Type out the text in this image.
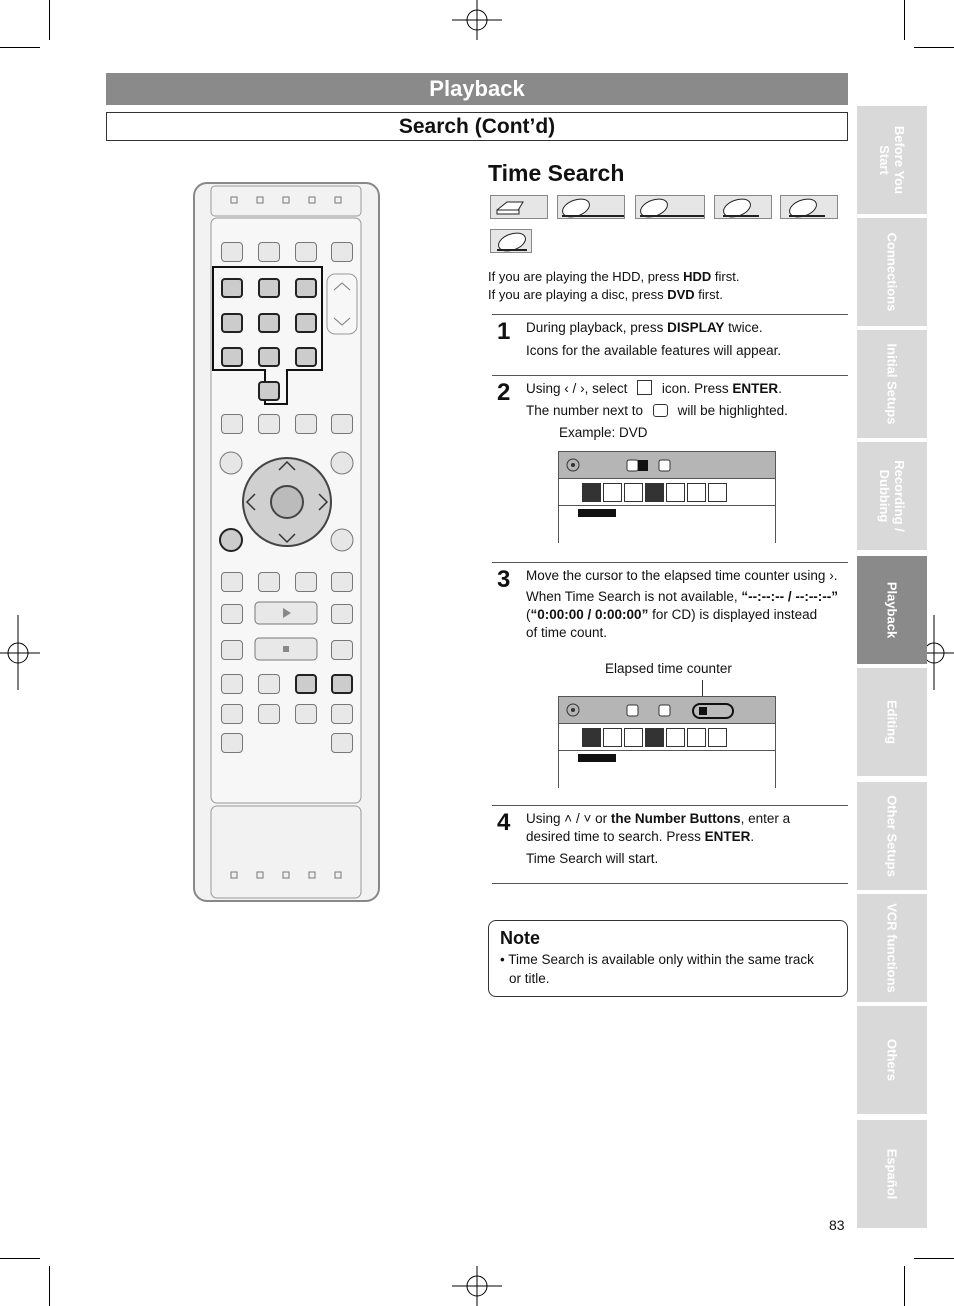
Playback
Search (Cont’d)	Before You
Start
Connections
Initial Setups
Recording /
Dubbing
Playback
Editing
Other Setups
VCR functions
Others
Español
Time Search
If you are playing the HDD, press HDD first.
If you are playing a disc, press DVD first.
1 During playback, press DISPLAY twice.
Icons for the available features will appear.
2 Using ‹ / ›, select	icon. Press ENTER.
The number next to	will be highlighted.
Example: DVD
3 Move the cursor to the elapsed time counter using ›.
When Time Search is not available, “--:--:-- / --:--:--”
(“0:00:00 / 0:00:00” for CD) is displayed instead
of time count.
Elapsed time counter
4 Using ˄ / ˅ or the Number Buttons, enter a
desired time to search. Press ENTER.
Time Search will start.
Note
• Time Search is available only within the same track
or title.
83
